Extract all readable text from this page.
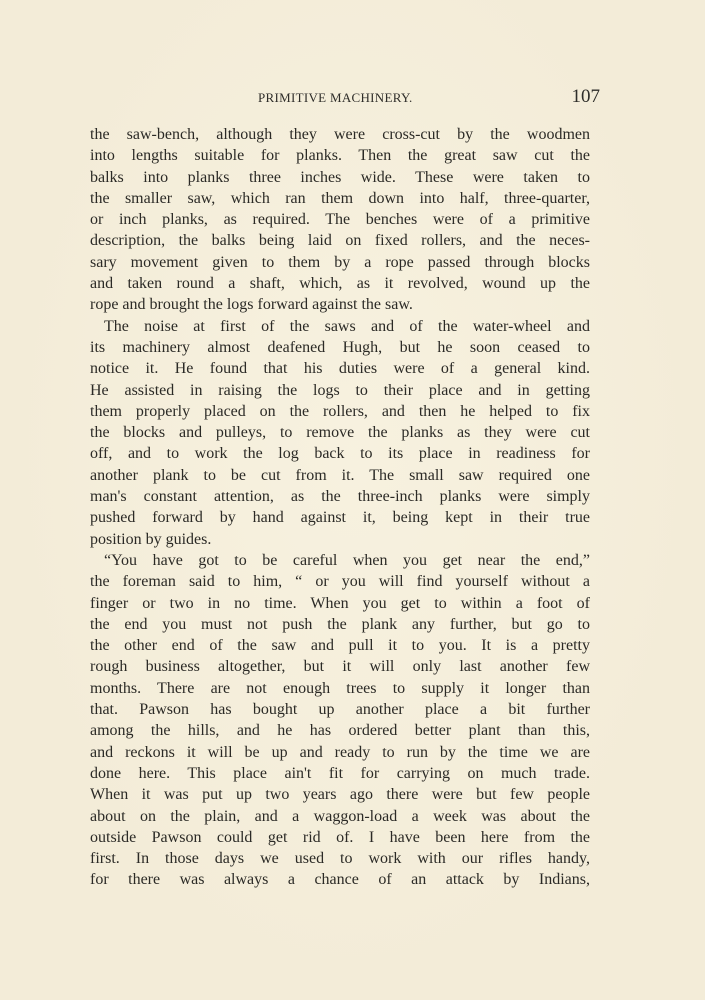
PRIMITIVE MACHINERY.	107
the saw-bench, although they were cross-cut by the woodmen
into lengths suitable for planks. Then the great saw cut the
balks into planks three inches wide. These were taken to
the smaller saw, which ran them down into half, three-quarter,
or inch planks, as required. The benches were of a primitive
description, the balks being laid on fixed rollers, and the neces-
sary movement given to them by a rope passed through blocks
and taken round a shaft, which, as it revolved, wound up the
rope and brought the logs forward against the saw.
The noise at first of the saws and of the water-wheel and
its machinery almost deafened Hugh, but he soon ceased to
notice it. He found that his duties were of a general kind.
He assisted in raising the logs to their place and in getting
them properly placed on the rollers, and then he helped to fix
the blocks and pulleys, to remove the planks as they were cut
off, and to work the log back to its place in readiness for
another plank to be cut from it. The small saw required one
man's constant attention, as the three-inch planks were simply
pushed forward by hand against it, being kept in their true
position by guides.
“You have got to be careful when you get near the end,”
the foreman said to him, “ or you will find yourself without a
finger or two in no time. When you get to within a foot of
the end you must not push the plank any further, but go to
the other end of the saw and pull it to you. It is a pretty
rough business altogether, but it will only last another few
months. There are not enough trees to supply it longer than
that. Pawson has bought up another place a bit further
among the hills, and he has ordered better plant than this,
and reckons it will be up and ready to run by the time we are
done here. This place ain't fit for carrying on much trade.
When it was put up two years ago there were but few people
about on the plain, and a waggon-load a week was about the
outside Pawson could get rid of. I have been here from the
first. In those days we used to work with our rifles handy,
for there was always a chance of an attack by Indians,
